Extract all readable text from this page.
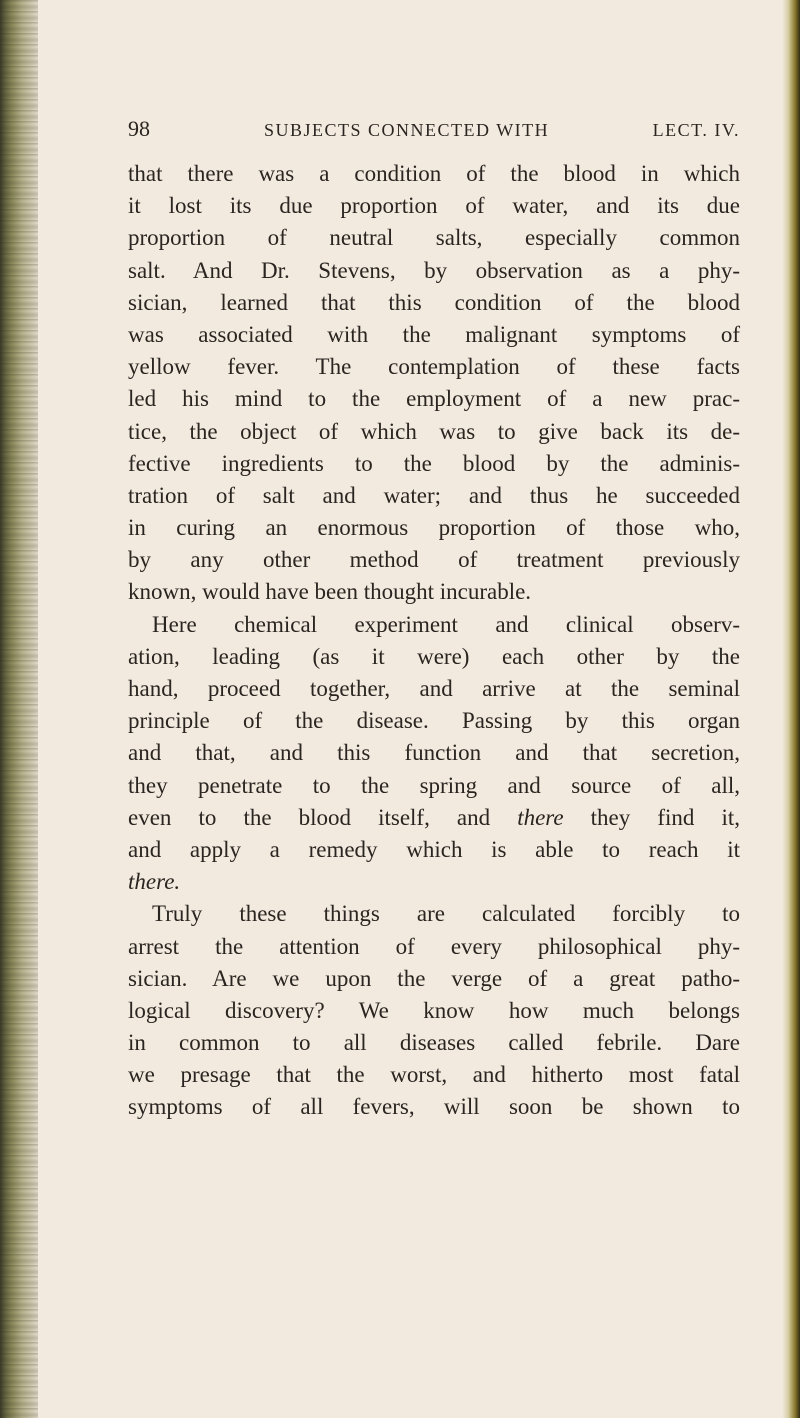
98	SUBJECTS CONNECTED WITH	LECT. IV.
that there was a condition of the blood in which
it lost its due proportion of water, and its due
proportion of neutral salts, especially common
salt. And Dr. Stevens, by observation as a phy-
sician, learned that this condition of the blood
was associated with the malignant symptoms of
yellow fever. The contemplation of these facts
led his mind to the employment of a new prac-
tice, the object of which was to give back its de-
fective ingredients to the blood by the adminis-
tration of salt and water; and thus he succeeded
in curing an enormous proportion of those who,
by any other method of treatment previously
known, would have been thought incurable.
Here chemical experiment and clinical observ-
ation, leading (as it were) each other by the
hand, proceed together, and arrive at the seminal
principle of the disease. Passing by this organ
and that, and this function and that secretion,
they penetrate to the spring and source of all,
even to the blood itself, and there they find it,
and apply a remedy which is able to reach it
there.
Truly these things are calculated forcibly to
arrest the attention of every philosophical phy-
sician. Are we upon the verge of a great patho-
logical discovery? We know how much belongs
in common to all diseases called febrile. Dare
we presage that the worst, and hitherto most fatal
symptoms of all fevers, will soon be shown to
